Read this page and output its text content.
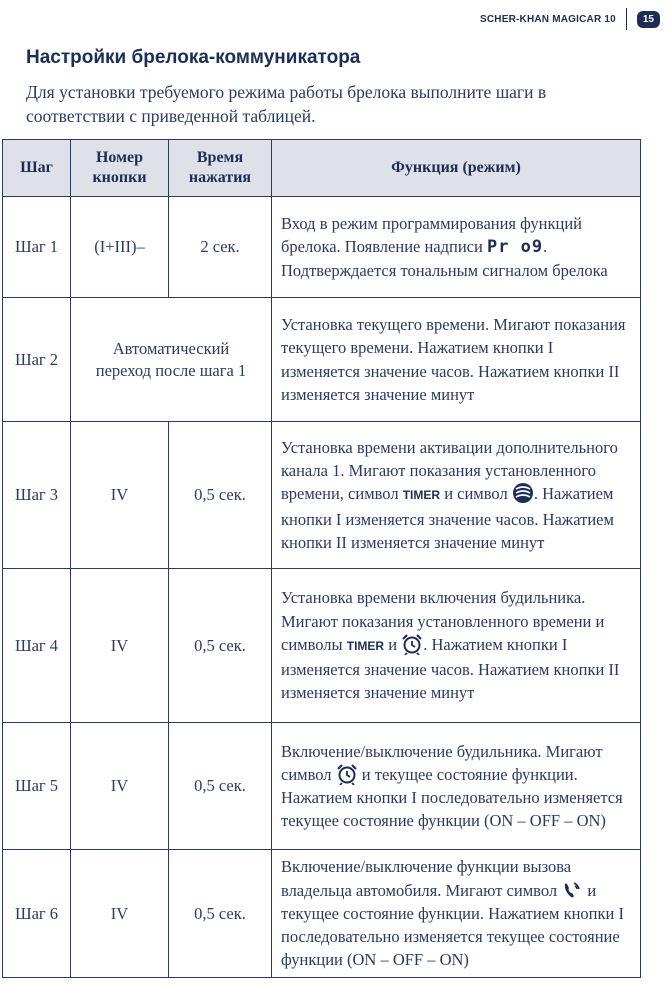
SCHER-KHAN MAGICAR 10	15
Настройки брелока-коммуникатора

Для установки требуемого режима работы брелока выполните шаги в соответствии с приведенной таблицей.

Шаг	Номер кнопки	Время нажатия	Функция (режим)
Шаг 1	(I+III)–	2 сек.	Вход в режим программирования функций брелока. Появление надписи Pr o9. Подтверждается тональным сигналом брелока
Шаг 2	Автоматический переход после шага 1		Установка текущего времени. Мигают показания текущего времени. Нажатием кнопки I изменяется значение часов. Нажатием кнопки II изменяется значение минут
Шаг 3	IV	0,5 сек.	Установка времени активации дополнительного канала 1. Мигают показания установленного времени, символ TIMER и символ . Нажатием кнопки I изменяется значение часов. Нажатием кнопки II изменяется значение минут
Шаг 4	IV	0,5 сек.	Установка времени включения будильника. Мигают показания установленного времени и символы TIMER и . Нажатием кнопки I изменяется значение часов. Нажатием кнопки II изменяется значение минут
Шаг 5	IV	0,5 сек.	Включение/выключение будильника. Мигают символ и текущее состояние функции. Нажатием кнопки I последовательно изменяется текущее состояние функции (ON – OFF – ON)
Шаг 6	IV	0,5 сек.	Включение/выключение функции вызова владельца автомобиля. Мигают символ и текущее состояние функции. Нажатием кнопки I последовательно изменяется текущее состояние функции (ON – OFF – ON)
